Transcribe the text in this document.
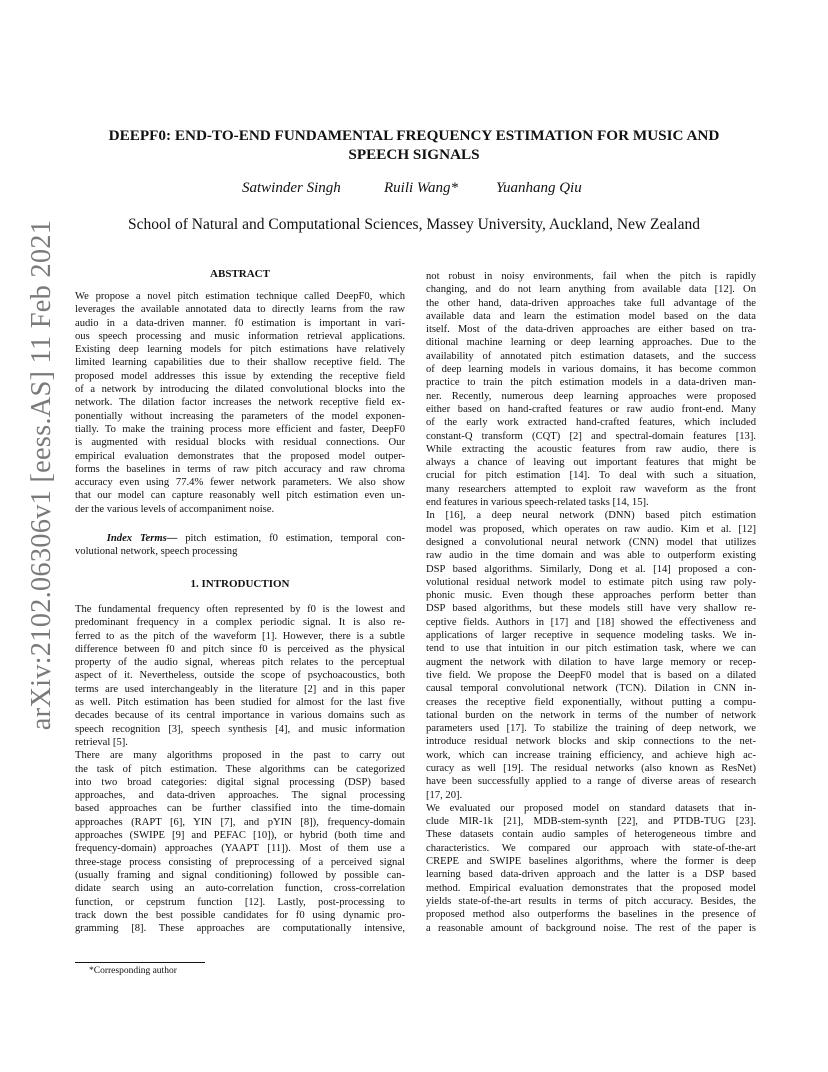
arXiv:2102.06306v1 [eess.AS] 11 Feb 2021
DEEPF0: END-TO-END FUNDAMENTAL FREQUENCY ESTIMATION FOR MUSIC AND
SPEECH SIGNALS
Satwinder Singh	Ruili Wang*	Yuanhang Qiu
School of Natural and Computational Sciences, Massey University, Auckland, New Zealand
ABSTRACT
We propose a novel pitch estimation technique called DeepF0, which
leverages the available annotated data to directly learns from the raw
audio in a data-driven manner. f0 estimation is important in vari-
ous speech processing and music information retrieval applications.
Existing deep learning models for pitch estimations have relatively
limited learning capabilities due to their shallow receptive field. The
proposed model addresses this issue by extending the receptive field
of a network by introducing the dilated convolutional blocks into the
network. The dilation factor increases the network receptive field ex-
ponentially without increasing the parameters of the model exponen-
tially. To make the training process more efficient and faster, DeepF0
is augmented with residual blocks with residual connections. Our
empirical evaluation demonstrates that the proposed model outper-
forms the baselines in terms of raw pitch accuracy and raw chroma
accuracy even using 77.4% fewer network parameters. We also show
that our model can capture reasonably well pitch estimation even un-
der the various levels of accompaniment noise.
Index Terms— pitch estimation, f0 estimation, temporal con-
volutional network, speech processing
1. INTRODUCTION
The fundamental frequency often represented by f0 is the lowest and
predominant frequency in a complex periodic signal. It is also re-
ferred to as the pitch of the waveform [1]. However, there is a subtle
difference between f0 and pitch since f0 is perceived as the physical
property of the audio signal, whereas pitch relates to the perceptual
aspect of it. Nevertheless, outside the scope of psychoacoustics, both
terms are used interchangeably in the literature [2] and in this paper
as well. Pitch estimation has been studied for almost for the last five
decades because of its central importance in various domains such as
speech recognition [3], speech synthesis [4], and music information
retrieval [5].
There are many algorithms proposed in the past to carry out
the task of pitch estimation. These algorithms can be categorized
into two broad categories: digital signal processing (DSP) based
approaches, and data-driven approaches. The signal processing
based approaches can be further classified into the time-domain
approaches (RAPT [6], YIN [7], and pYIN [8]), frequency-domain
approaches (SWIPE [9] and PEFAC [10]), or hybrid (both time and
frequency-domain) approaches (YAAPT [11]). Most of them use a
three-stage process consisting of preprocessing of a perceived signal
(usually framing and signal conditioning) followed by possible can-
didate search using an auto-correlation function, cross-correlation
function, or cepstrum function [12]. Lastly, post-processing to
track down the best possible candidates for f0 using dynamic pro-
gramming [8]. These approaches are computationally intensive,
*Corresponding author
not robust in noisy environments, fail when the pitch is rapidly
changing, and do not learn anything from available data [12]. On
the other hand, data-driven approaches take full advantage of the
available data and learn the estimation model based on the data
itself. Most of the data-driven approaches are either based on tra-
ditional machine learning or deep learning approaches. Due to the
availability of annotated pitch estimation datasets, and the success
of deep learning models in various domains, it has become common
practice to train the pitch estimation models in a data-driven man-
ner. Recently, numerous deep learning approaches were proposed
either based on hand-crafted features or raw audio front-end. Many
of the early work extracted hand-crafted features, which included
constant-Q transform (CQT) [2] and spectral-domain features [13].
While extracting the acoustic features from raw audio, there is
always a chance of leaving out important features that might be
crucial for pitch estimation [14]. To deal with such a situation,
many researchers attempted to exploit raw waveform as the front
end features in various speech-related tasks [14, 15].
In [16], a deep neural network (DNN) based pitch estimation
model was proposed, which operates on raw audio. Kim et al. [12]
designed a convolutional neural network (CNN) model that utilizes
raw audio in the time domain and was able to outperform existing
DSP based algorithms. Similarly, Dong et al. [14] proposed a con-
volutional residual network model to estimate pitch using raw poly-
phonic music. Even though these approaches perform better than
DSP based algorithms, but these models still have very shallow re-
ceptive fields. Authors in [17] and [18] showed the effectiveness and
applications of larger receptive in sequence modeling tasks. We in-
tend to use that intuition in our pitch estimation task, where we can
augment the network with dilation to have large memory or recep-
tive field. We propose the DeepF0 model that is based on a dilated
causal temporal convolutional network (TCN). Dilation in CNN in-
creases the receptive field exponentially, without putting a compu-
tational burden on the network in terms of the number of network
parameters used [17]. To stabilize the training of deep network, we
introduce residual network blocks and skip connections to the net-
work, which can increase training efficiency, and achieve high ac-
curacy as well [19]. The residual networks (also known as ResNet)
have been successfully applied to a range of diverse areas of research
[17, 20].
We evaluated our proposed model on standard datasets that in-
clude MIR-1k [21], MDB-stem-synth [22], and PTDB-TUG [23].
These datasets contain audio samples of heterogeneous timbre and
characteristics. We compared our approach with state-of-the-art
CREPE and SWIPE baselines algorithms, where the former is deep
learning based data-driven approach and the latter is a DSP based
method. Empirical evaluation demonstrates that the proposed model
yields state-of-the-art results in terms of pitch accuracy. Besides, the
proposed method also outperforms the baselines in the presence of
a reasonable amount of background noise. The rest of the paper is
